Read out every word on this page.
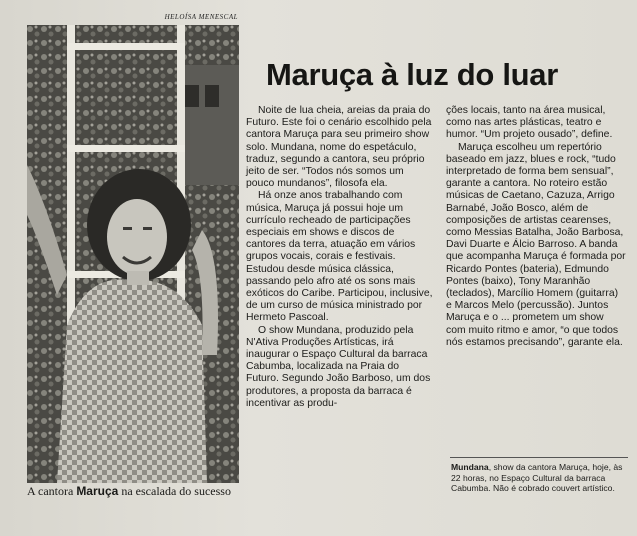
HELOÍSA MENESCAL
A cantora Maruça na escalada do sucesso
Maruça à luz do luar

Noite de lua cheia, areias da praia do Futuro. Este foi o cenário escolhido pela cantora Maruça para seu primeiro show solo. Mundana, nome do espetáculo, traduz, segundo a cantora, seu próprio jeito de ser. “Todos nós somos um pouco mundanos”, filosofa ela.

Há onze anos trabalhando com música, Maruça já possui hoje um currículo recheado de participações especiais em shows e discos de cantores da terra, atuação em vários grupos vocais, corais e festivais. Estudou desde música clássica, passando pelo afro até os sons mais exóticos do Caribe. Participou, inclusive, de um curso de música ministrado por Hermeto Pascoal.

O show Mundana, produzido pela N'Ativa Produções Artísticas, irá inaugurar o Espaço Cultural da barraca Cabumba, localizada na Praia do Futuro. Segundo João Barboso, um dos produtores, a proposta da barraca é incentivar as produ-

ções locais, tanto na área musical, como nas artes plásticas, teatro e humor. “Um projeto ousado”, define.

Maruça escolheu um repertório baseado em jazz, blues e rock, “tudo interpretado de forma bem sensual”, garante a cantora. No roteiro estão músicas de Caetano, Cazuza, Arrigo Barnabé, João Bosco, além de composições de artistas cearenses, como Messias Batalha, João Barbosa, Davi Duarte e Álcio Barroso. A banda que acompanha Maruça é formada por Ricardo Pontes (bateria), Edmundo Pontes (baixo), Tony Maranhão (teclados), Marcílio Homem (guitarra) e Marcos Melo (percussão). Juntos Maruça e o ... prometem um show com muito ritmo e amor, “o que todos nós estamos precisando”, garante ela.

Mundana, show da cantora Maruça, hoje, às 22 horas, no Espaço Cultural da barraca Cabumba. Não é cobrado couvert artístico.
